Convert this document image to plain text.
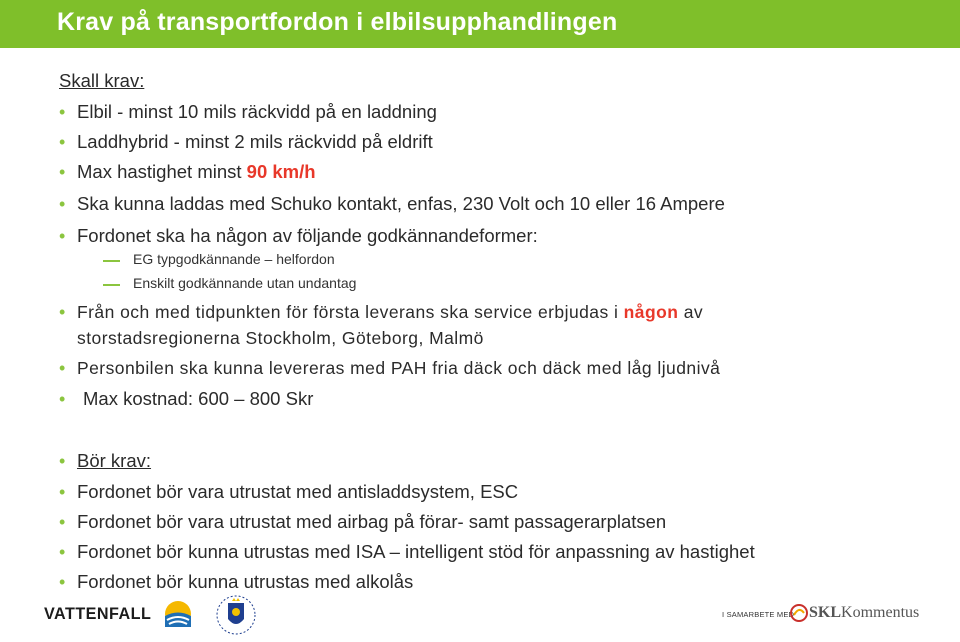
Krav på transportfordon i elbilsupphandlingen
Skall krav:
• Elbil - minst 10 mils räckvidd på en laddning
• Laddhybrid - minst 2 mils räckvidd på eldrift
• Max hastighet minst 90 km/h
• Ska kunna laddas med Schuko kontakt, enfas, 230 Volt och 10 eller 16 Ampere
• Fordonet ska ha någon av följande godkännandeformer:
EG typgodkännande – helfordon
Enskilt godkännande utan undantag
• Från och med tidpunkten för första leverans ska service erbjudas i någon av
storstadsregionerna Stockholm, Göteborg, Malmö
• Personbilen ska kunna levereras med PAH fria däck och däck med låg ljudnivå
• Max kostnad: 600 – 800 Skr
• Bör krav:
• Fordonet bör vara utrustat med antisladdsystem, ESC
• Fordonet bör vara utrustat med airbag på förar- samt passagerarplatsen
• Fordonet bör kunna utrustas med ISA – intelligent stöd för anpassning av hastighet
• Fordonet bör kunna utrustas med alkolås
VATTENFALL	I SAMARBETE MED SKL Kommentus
